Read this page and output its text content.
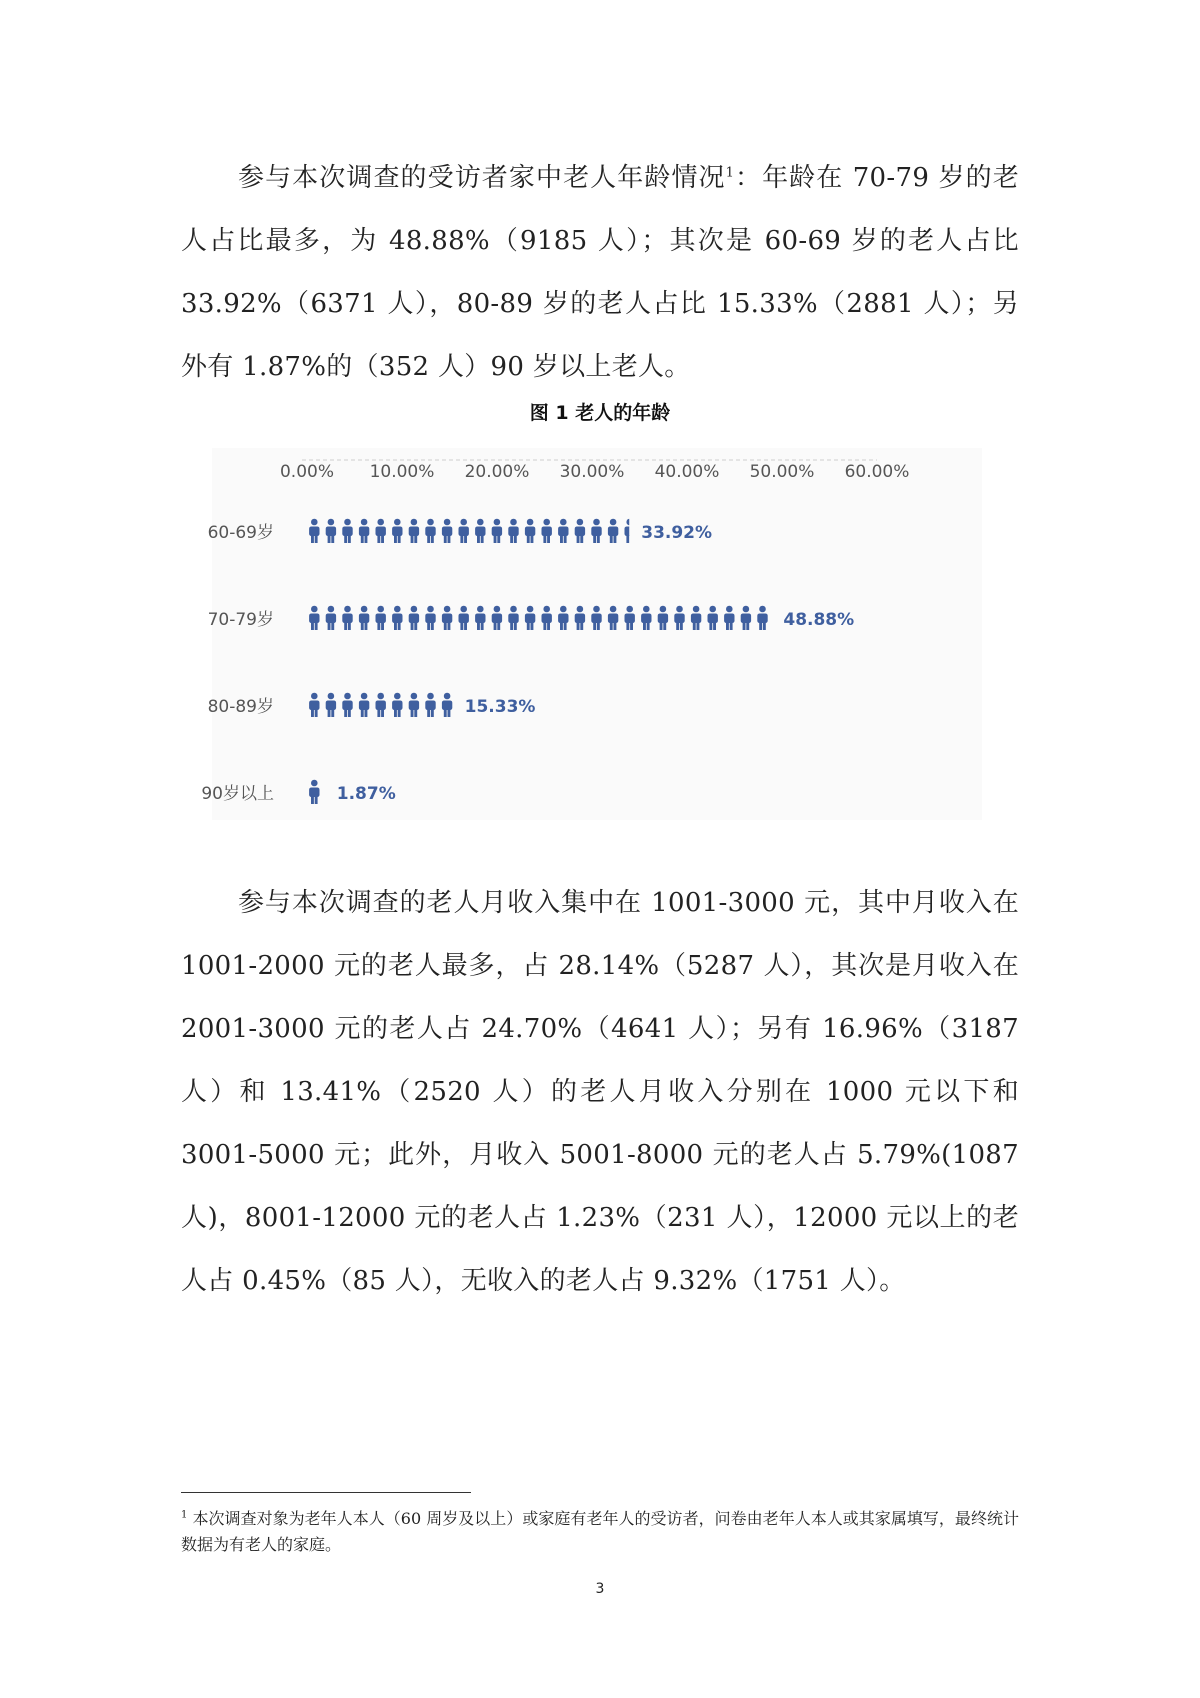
参与本次调查的受访者家中老人年龄情况$^1$：年龄在 70-79 岁的老人占比最多，为 48.88%（9185 人）；其次是 60-69 岁的老人占比 33.92%（6371 人），80-89 岁的老人占比 15.33%（2881 人）；另外有 1.87%的（352 人）90 岁以上老人。

图 1 老人的年龄
0.00% 10.00% 20.00% 30.00% 40.00% 50.00% 60.00%
60-69岁	33.92%
70-79岁	48.88%
80-89岁	15.33%
90岁以上	1.87%

参与本次调查的老人月收入集中在 1001-3000 元，其中月收入在 1001-2000 元的老人最多，占 28.14%（5287 人），其次是月收入在 2001-3000 元的老人占 24.70%（4641 人）；另有 16.96%（3187 人）和 13.41%（2520 人）的老人月收入分别在 1000 元以下和 3001-5000 元；此外，月收入 5001-8000 元的老人占 5.79%(1087 人)，8001-12000 元的老人占 1.23%（231 人），12000 元以上的老人占 0.45%（85 人），无收入的老人占 9.32%（1751 人）。

$^1$ 本次调查对象为老年人本人（60 周岁及以上）或家庭有老年人的受访者，问卷由老年人本人或其家属填写，最终统计数据为有老人的家庭。

3
